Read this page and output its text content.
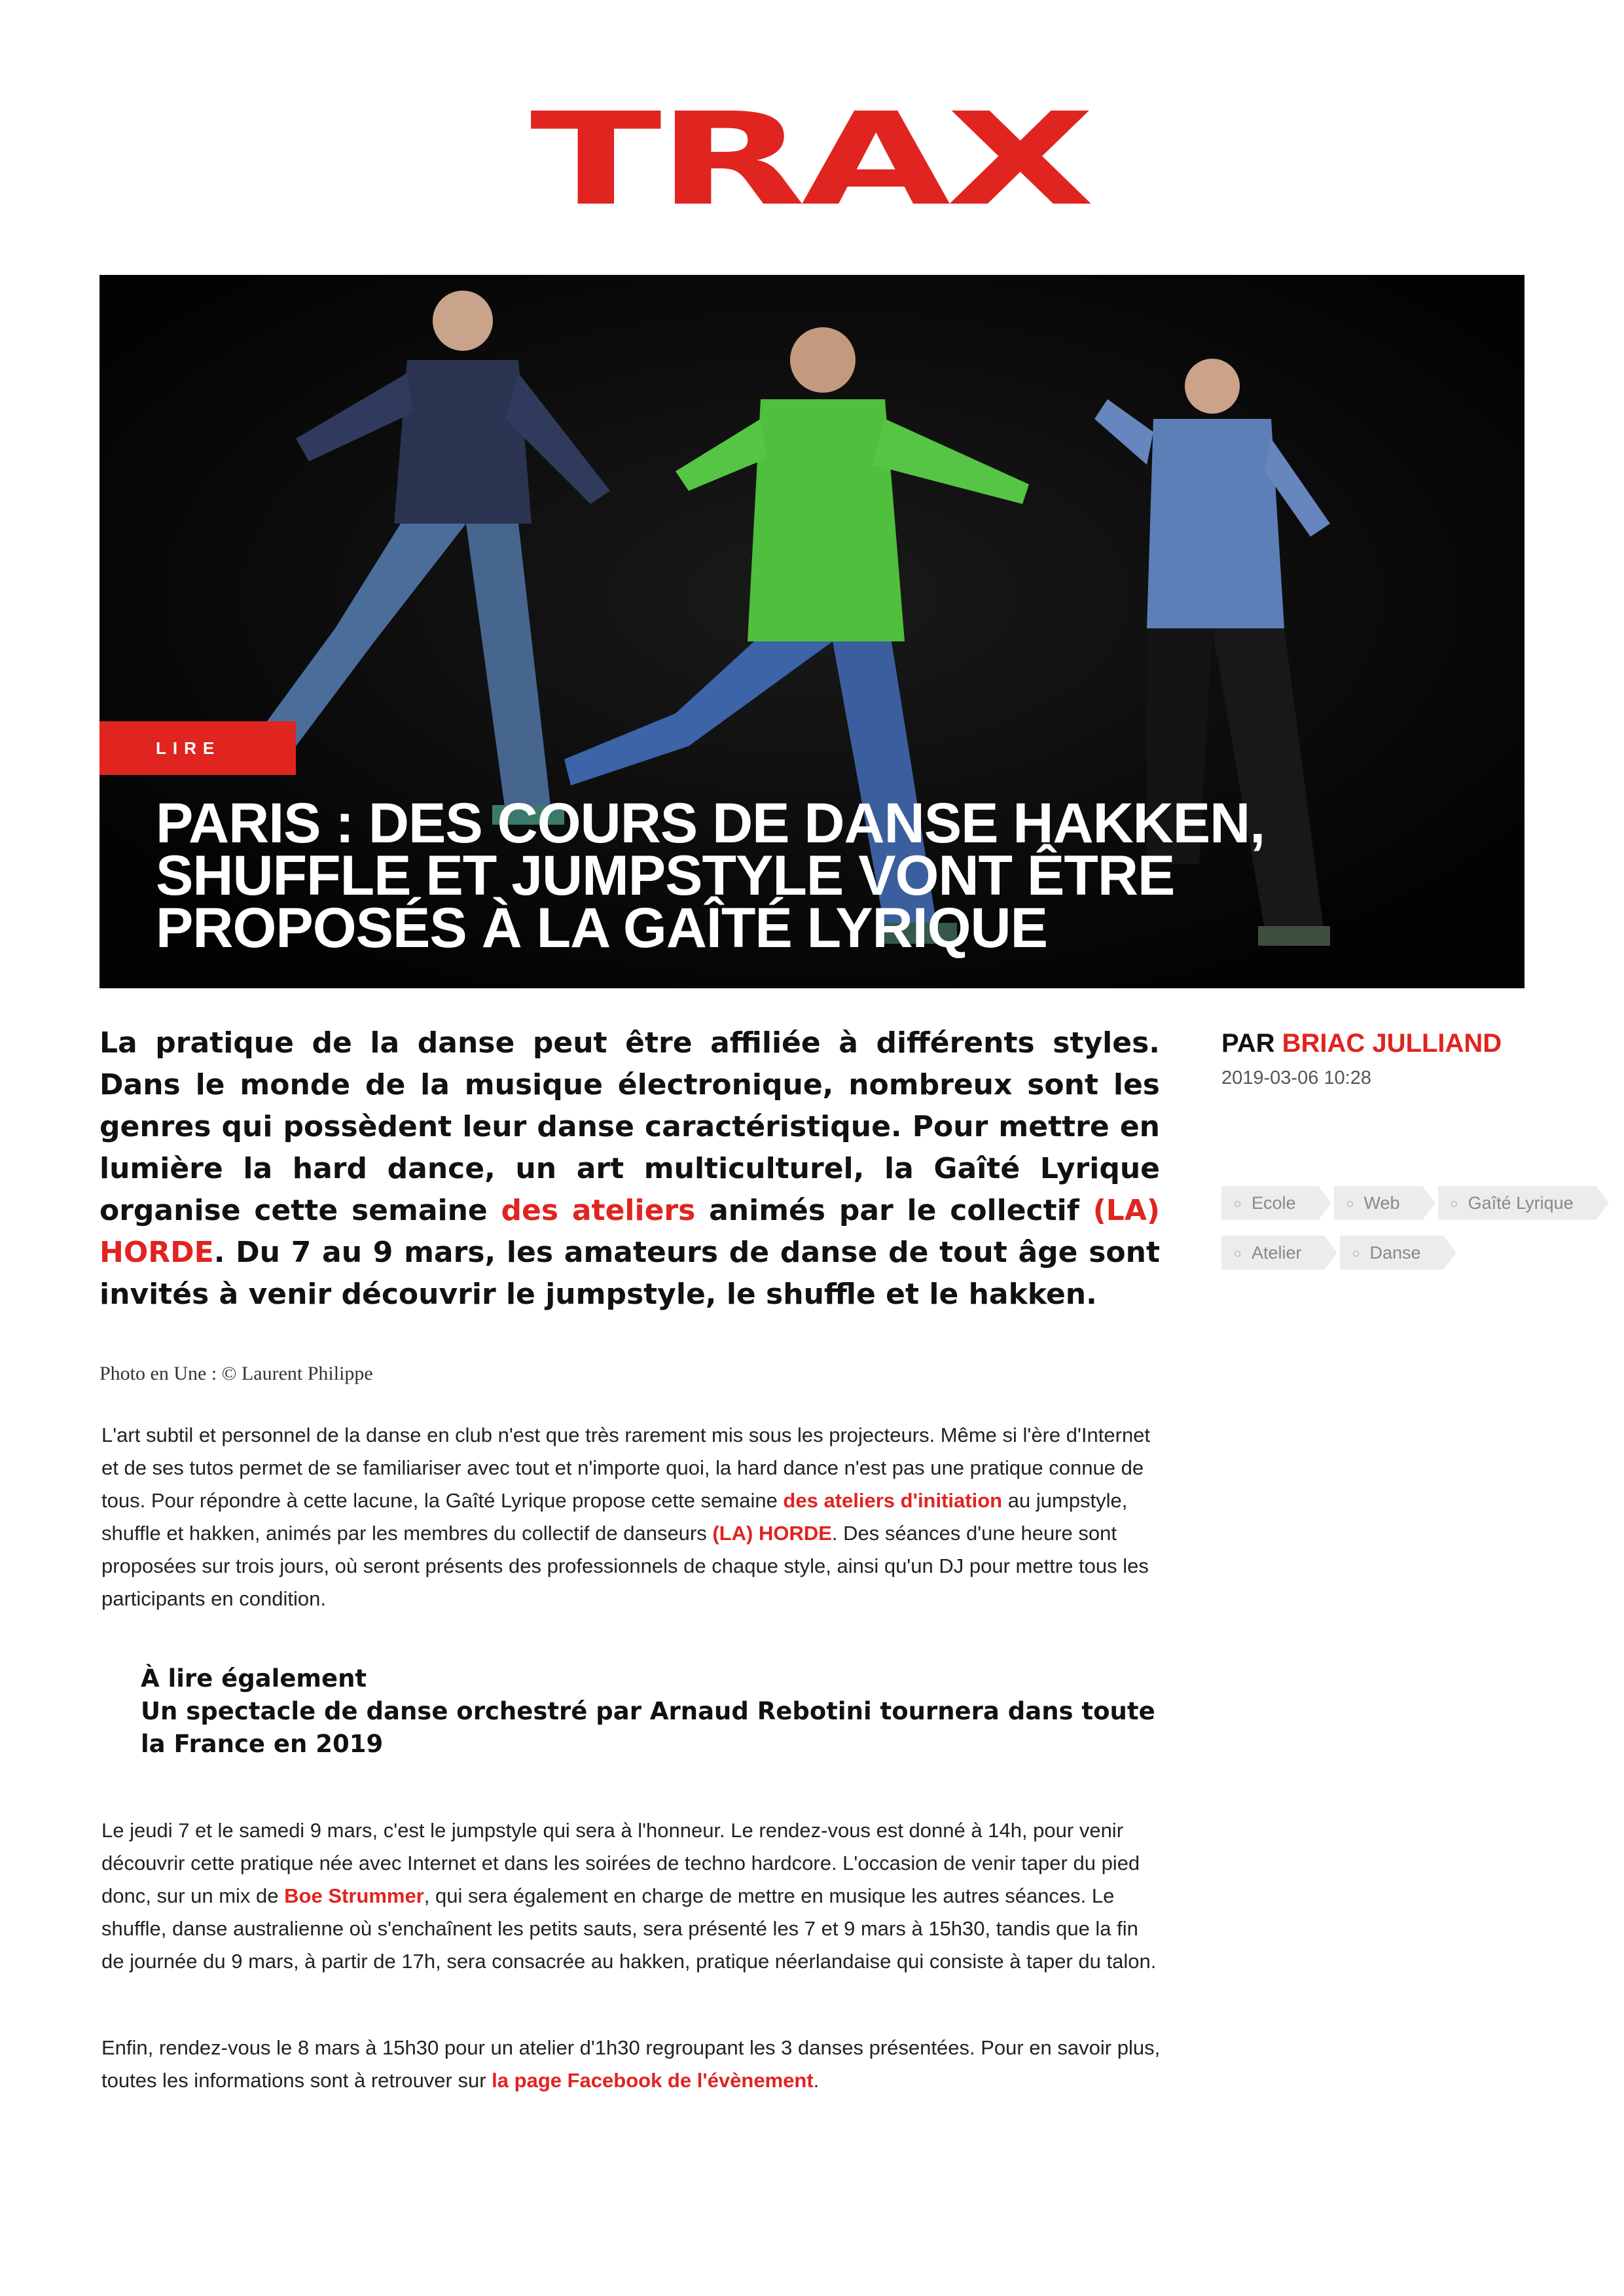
TRAX
LIRE
PARIS : DES COURS DE DANSE HAKKEN, SHUFFLE ET JUMPSTYLE VONT ÊTRE PROPOSÉS À LA GAÎTÉ LYRIQUE

La pratique de la danse peut être affiliée à différents styles. Dans le monde de la musique électronique, nombreux sont les genres qui possèdent leur danse caractéristique. Pour mettre en lumière la hard dance, un art multiculturel, la Gaîté Lyrique organise cette semaine des ateliers animés par le collectif (LA) HORDE. Du 7 au 9 mars, les amateurs de danse de tout âge sont invités à venir découvrir le jumpstyle, le shuffle et le hakken.

PAR BRIAC JULLIAND
2019-03-06 10:28
Ecole	Web	Gaîté Lyrique
Atelier	Danse

Photo en Une : © Laurent Philippe

L'art subtil et personnel de la danse en club n'est que très rarement mis sous les projecteurs. Même si l'ère d'Internet et de ses tutos permet de se familiariser avec tout et n'importe quoi, la hard dance n'est pas une pratique connue de tous. Pour répondre à cette lacune, la Gaîté Lyrique propose cette semaine des ateliers d'initiation au jumpstyle, shuffle et hakken, animés par les membres du collectif de danseurs (LA) HORDE. Des séances d'une heure sont proposées sur trois jours, où seront présents des professionnels de chaque style, ainsi qu'un DJ pour mettre tous les participants en condition.

À lire également
Un spectacle de danse orchestré par Arnaud Rebotini tournera dans toute la France en 2019

Le jeudi 7 et le samedi 9 mars, c'est le jumpstyle qui sera à l'honneur. Le rendez-vous est donné à 14h, pour venir découvrir cette pratique née avec Internet et dans les soirées de techno hardcore. L'occasion de venir taper du pied donc, sur un mix de Boe Strummer, qui sera également en charge de mettre en musique les autres séances. Le shuffle, danse australienne où s'enchaînent les petits sauts, sera présenté les 7 et 9 mars à 15h30, tandis que la fin de journée du 9 mars, à partir de 17h, sera consacrée au hakken, pratique néerlandaise qui consiste à taper du talon.

Enfin, rendez-vous le 8 mars à 15h30 pour un atelier d'1h30 regroupant les 3 danses présentées. Pour en savoir plus, toutes les informations sont à retrouver sur la page Facebook de l'évènement.
